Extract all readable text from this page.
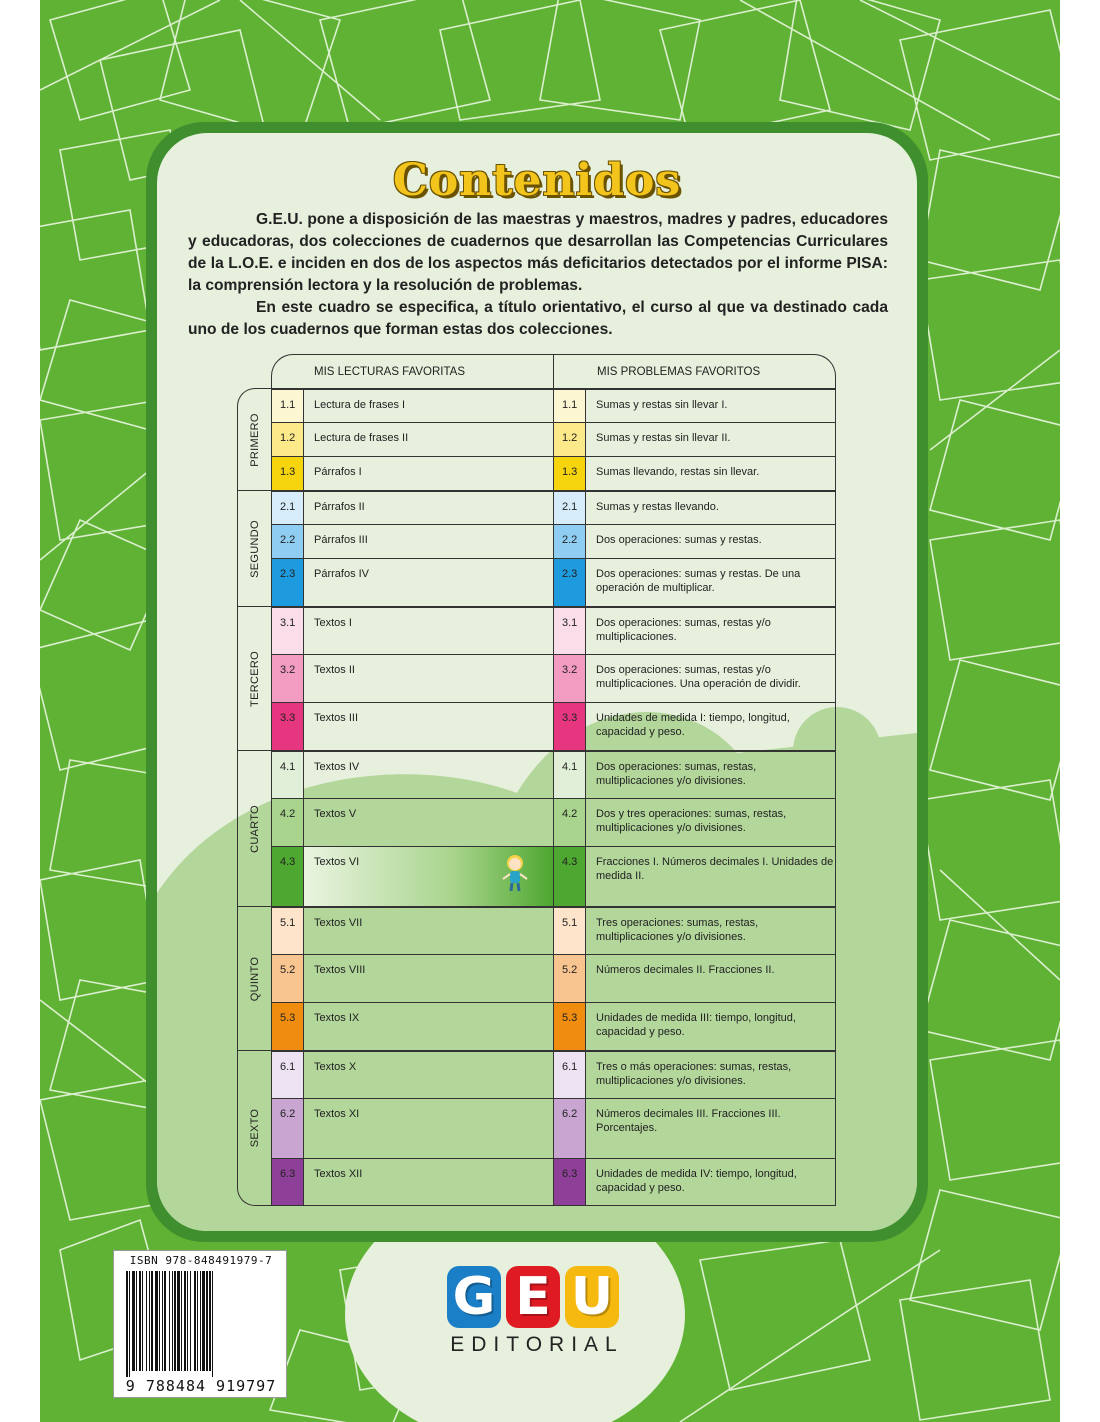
Contenidos

G.E.U. pone a disposición de las maestras y maestros, madres y padres, educadores y educadoras, dos colecciones de cuadernos que desarrollan las Competencias Curriculares de la L.O.E. e inciden en dos de los aspectos más deficitarios detectados por el informe PISA: la comprensión lectora y la resolución de problemas.

En este cuadro se especifica, a título orientativo, el curso al que va destinado cada uno de los cuadernos que forman estas dos colecciones.

MIS LECTURAS FAVORITAS	MIS PROBLEMAS FAVORITOS
PRIMERO
1.1	Lectura de frases I	1.1	Sumas y restas sin llevar I.
1.2	Lectura de frases II	1.2	Sumas y restas sin llevar II.
1.3	Párrafos I	1.3	Sumas llevando, restas sin llevar.
SEGUNDO
2.1	Párrafos II	2.1	Sumas y restas llevando.
2.2	Párrafos III	2.2	Dos operaciones: sumas y restas.
2.3	Párrafos IV	2.3	Dos operaciones: sumas y restas. De una operación de multiplicar.
TERCERO
3.1	Textos I	3.1	Dos operaciones: sumas, restas y/o multiplicaciones.
3.2	Textos II	3.2	Dos operaciones: sumas, restas y/o multiplicaciones. Una operación de dividir.
3.3	Textos III	3.3	Unidades de medida I: tiempo, longitud, capacidad y peso.
CUARTO
4.1	Textos IV	4.1	Dos operaciones: sumas, restas, multiplicaciones y/o divisiones.
4.2	Textos V	4.2	Dos y tres operaciones: sumas, restas, multiplicaciones y/o divisiones.
4.3	Textos VI	4.3	Fracciones I. Números decimales I. Unidades de medida II.
QUINTO
5.1	Textos VII	5.1	Tres operaciones: sumas, restas, multiplicaciones y/o divisiones.
5.2	Textos VIII	5.2	Números decimales II. Fracciones II.
5.3	Textos IX	5.3	Unidades de medida III: tiempo, longitud, capacidad y peso.
SEXTO
6.1	Textos X	6.1	Tres o más operaciones: sumas, restas, multiplicaciones y/o divisiones.
6.2	Textos XI	6.2	Números decimales III. Fracciones III. Porcentajes.
6.3	Textos XII	6.3	Unidades de medida IV: tiempo, longitud, capacidad y peso.
ISBN 978-848491979-7
9 788484 919797
G E U
EDITORIAL
